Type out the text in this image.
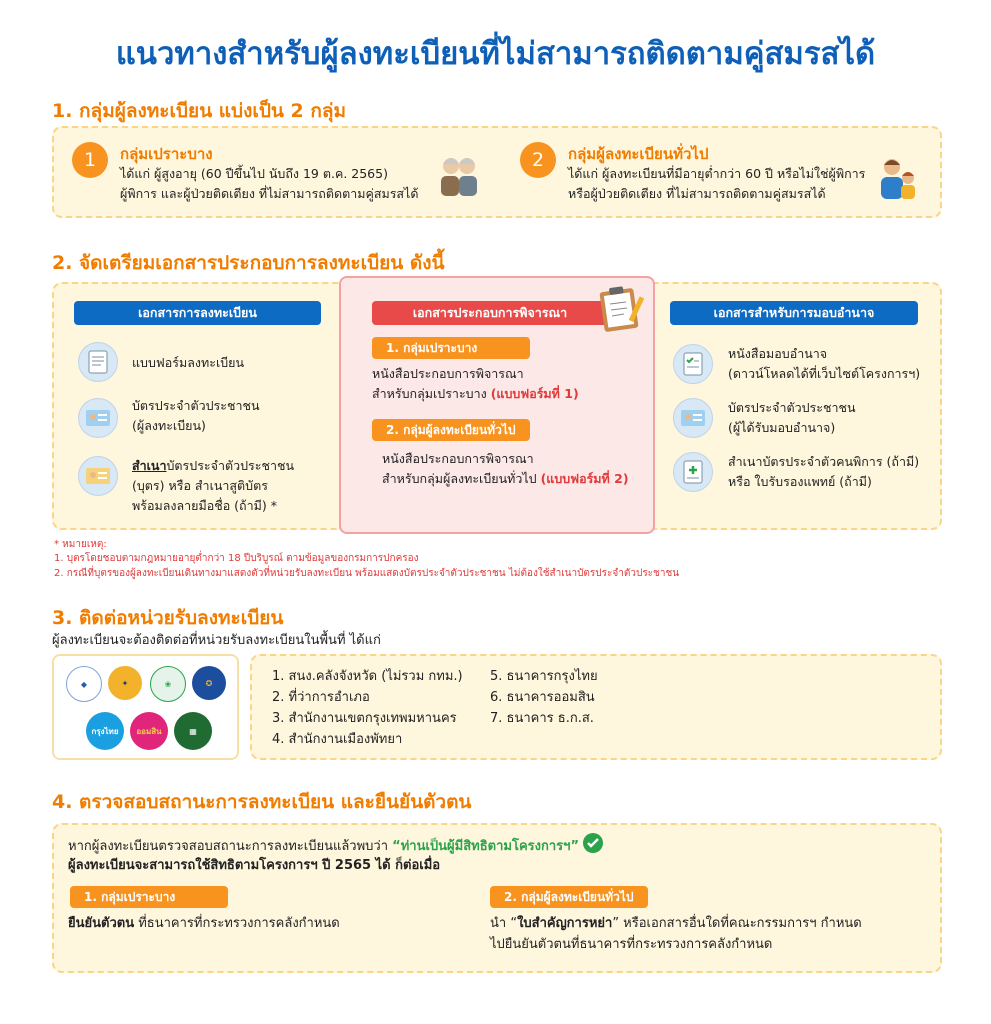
แนวทางสำหรับผู้ลงทะเบียนที่ไม่สามารถติดตามคู่สมรสได้
1. กลุ่มผู้ลงทะเบียน แบ่งเป็น 2 กลุ่ม
1	กลุ่มเปราะบาง
ได้แก่ ผู้สูงอายุ (60 ปีขึ้นไป นับถึง 19 ต.ค. 2565)
ผู้พิการ และผู้ป่วยติดเตียง ที่ไม่สามารถติดตามคู่สมรสได้
2	กลุ่มผู้ลงทะเบียนทั่วไป
ได้แก่ ผู้ลงทะเบียนที่มีอายุต่ำกว่า 60 ปี หรือไม่ใช่ผู้พิการ
หรือผู้ป่วยติดเตียง ที่ไม่สามารถติดตามคู่สมรสได้
2. จัดเตรียมเอกสารประกอบการลงทะเบียน ดังนี้
เอกสารการลงทะเบียน
แบบฟอร์มลงทะเบียน
บัตรประจำตัวประชาชน
(ผู้ลงทะเบียน)
สำเนาบัตรประจำตัวประชาชน
(บุตร) หรือ สำเนาสูติบัตร
พร้อมลงลายมือชื่อ (ถ้ามี) *
เอกสารประกอบการพิจารณา
1. กลุ่มเปราะบาง
หนังสือประกอบการพิจารณา
สำหรับกลุ่มเปราะบาง (แบบฟอร์มที่ 1)
2. กลุ่มผู้ลงทะเบียนทั่วไป
หนังสือประกอบการพิจารณา
สำหรับกลุ่มผู้ลงทะเบียนทั่วไป (แบบฟอร์มที่ 2)
เอกสารสำหรับการมอบอำนาจ
หนังสือมอบอำนาจ
(ดาวน์โหลดได้ที่เว็บไซต์โครงการฯ)
บัตรประจำตัวประชาชน
(ผู้ได้รับมอบอำนาจ)
สำเนาบัตรประจำตัวคนพิการ (ถ้ามี)
หรือ ใบรับรองแพทย์ (ถ้ามี)
* หมายเหตุ:
1. บุตรโดยชอบตามกฎหมายอายุต่ำกว่า 18 ปีบริบูรณ์ ตามข้อมูลของกรมการปกครอง
2. กรณีที่บุตรของผู้ลงทะเบียนเดินทางมาแสดงตัวที่หน่วยรับลงทะเบียน พร้อมแสดงบัตรประจำตัวประชาชน ไม่ต้องใช้สำเนาบัตรประจำตัวประชาชน
3. ติดต่อหน่วยรับลงทะเบียน
ผู้ลงทะเบียนจะต้องติดต่อที่หน่วยรับลงทะเบียนในพื้นที่ ได้แก่
◆	✦	❀	✪
กรุงไทย	ออมสิน	▦
1. สนง.คลังจังหวัด (ไม่รวม กทม.)
2. ที่ว่าการอำเภอ
3. สำนักงานเขตกรุงเทพมหานคร
4. สำนักงานเมืองพัทยา
5. ธนาคารกรุงไทย
6. ธนาคารออมสิน
7. ธนาคาร ธ.ก.ส.
4. ตรวจสอบสถานะการลงทะเบียน และยืนยันตัวตน
หากผู้ลงทะเบียนตรวจสอบสถานะการลงทะเบียนแล้วพบว่า “ท่านเป็นผู้มีสิทธิตามโครงการฯ”
ผู้ลงทะเบียนจะสามารถใช้สิทธิตามโครงการฯ ปี 2565 ได้ ก็ต่อเมื่อ
1. กลุ่มเปราะบาง
ยืนยันตัวตน ที่ธนาคารที่กระทรวงการคลังกำหนด
2. กลุ่มผู้ลงทะเบียนทั่วไป
นำ “ใบสำคัญการหย่า” หรือเอกสารอื่นใดที่คณะกรรมการฯ กำหนด
ไปยืนยันตัวตนที่ธนาคารที่กระทรวงการคลังกำหนด
